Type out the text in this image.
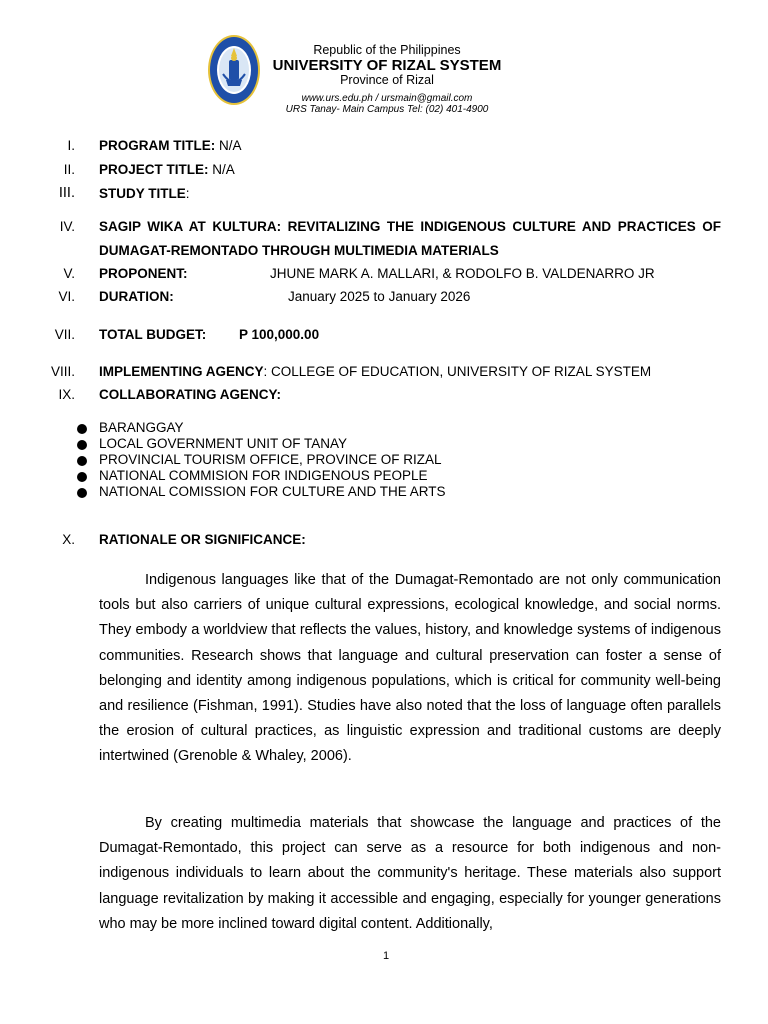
Republic of the Philippines
UNIVERSITY OF RIZAL SYSTEM
Province of Rizal
www.urs.edu.ph / ursmain@gmail.com
URS Tanay- Main Campus Tel: (02) 401-4900
I. PROGRAM TITLE: N/A
II. PROJECT TITLE: N/A
III. STUDY TITLE:
IV. SAGIP WIKA AT KULTURA: REVITALIZING THE INDIGENOUS CULTURE AND PRACTICES OF DUMAGAT-REMONTADO THROUGH MULTIMEDIA MATERIALS
V. PROPONENT:	JHUNE MARK A. MALLARI, & RODOLFO B. VALDENARRO JR
VI. DURATION:	January 2025 to January 2026
VII. TOTAL BUDGET: P 100,000.00
VIII. IMPLEMENTING AGENCY: COLLEGE OF EDUCATION, UNIVERSITY OF RIZAL SYSTEM
IX. COLLABORATING AGENCY:
BARANGGAY
LOCAL GOVERNMENT UNIT OF TANAY
PROVINCIAL TOURISM OFFICE, PROVINCE OF RIZAL
NATIONAL COMMISION FOR INDIGENOUS PEOPLE
NATIONAL COMISSION FOR CULTURE AND THE ARTS
X. RATIONALE OR SIGNIFICANCE:

Indigenous languages like that of the Dumagat-Remontado are not only communication tools but also carriers of unique cultural expressions, ecological knowledge, and social norms. They embody a worldview that reflects the values, history, and knowledge systems of indigenous communities. Research shows that language and cultural preservation can foster a sense of belonging and identity among indigenous populations, which is critical for community well-being and resilience (Fishman, 1991). Studies have also noted that the loss of language often parallels the erosion of cultural practices, as linguistic expression and traditional customs are deeply intertwined (Grenoble & Whaley, 2006).

By creating multimedia materials that showcase the language and practices of the Dumagat-Remontado, this project can serve as a resource for both indigenous and non-indigenous individuals to learn about the community's heritage. These materials also support language revitalization by making it accessible and engaging, especially for younger generations who may be more inclined toward digital content. Additionally,

1
